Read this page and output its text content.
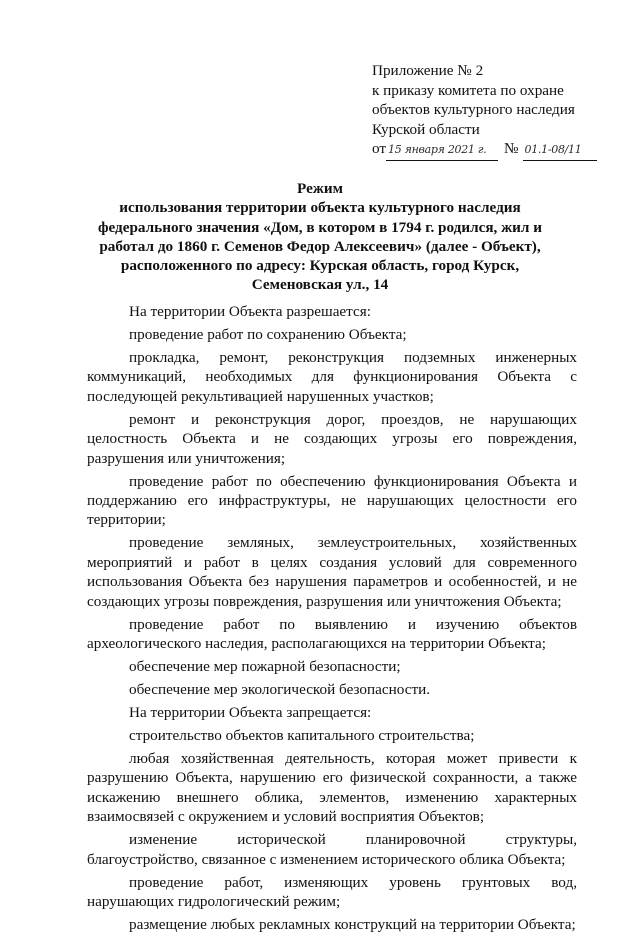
Приложение № 2
к приказу комитета по охране
объектов культурного наследия
Курской области
от 15 января 2021 г.	№ 01.1-08/11
Режим
использования территории объекта культурного наследия
федерального значения «Дом, в котором в 1794 г. родился, жил и
работал до 1860 г. Семенов Федор Алексеевич» (далее - Объект),
расположенного по адресу: Курская область, город Курск,
Семеновская ул., 14

На территории Объекта разрешается:

проведение работ по сохранению Объекта;

прокладка, ремонт, реконструкция подземных инженерных коммуникаций, необходимых для функционирования Объекта с последующей рекультивацией нарушенных участков;

ремонт и реконструкция дорог, проездов, не нарушающих целостность Объекта и не создающих угрозы его повреждения, разрушения или уничтожения;

проведение работ по обеспечению функционирования Объекта и поддержанию его инфраструктуры, не нарушающих целостности его территории;

проведение земляных, землеустроительных, хозяйственных мероприятий и работ в целях создания условий для современного использования Объекта без нарушения параметров и особенностей, и не создающих угрозы повреждения, разрушения или уничтожения Объекта;

проведение работ по выявлению и изучению объектов археологического наследия, располагающихся на территории Объекта;

обеспечение мер пожарной безопасности;

обеспечение мер экологической безопасности.

На территории Объекта запрещается:

строительство объектов капитального строительства;

любая хозяйственная деятельность, которая может привести к разрушению Объекта, нарушению его физической сохранности, а также искажению внешнего облика, элементов, изменению характерных взаимосвязей с окружением и условий восприятия Объектов;

изменение исторической планировочной структуры, благоустройство, связанное с изменением исторического облика Объекта;

проведение работ, изменяющих уровень грунтовых вод, нарушающих гидрологический режим;

размещение любых рекламных конструкций на территории Объекта;
